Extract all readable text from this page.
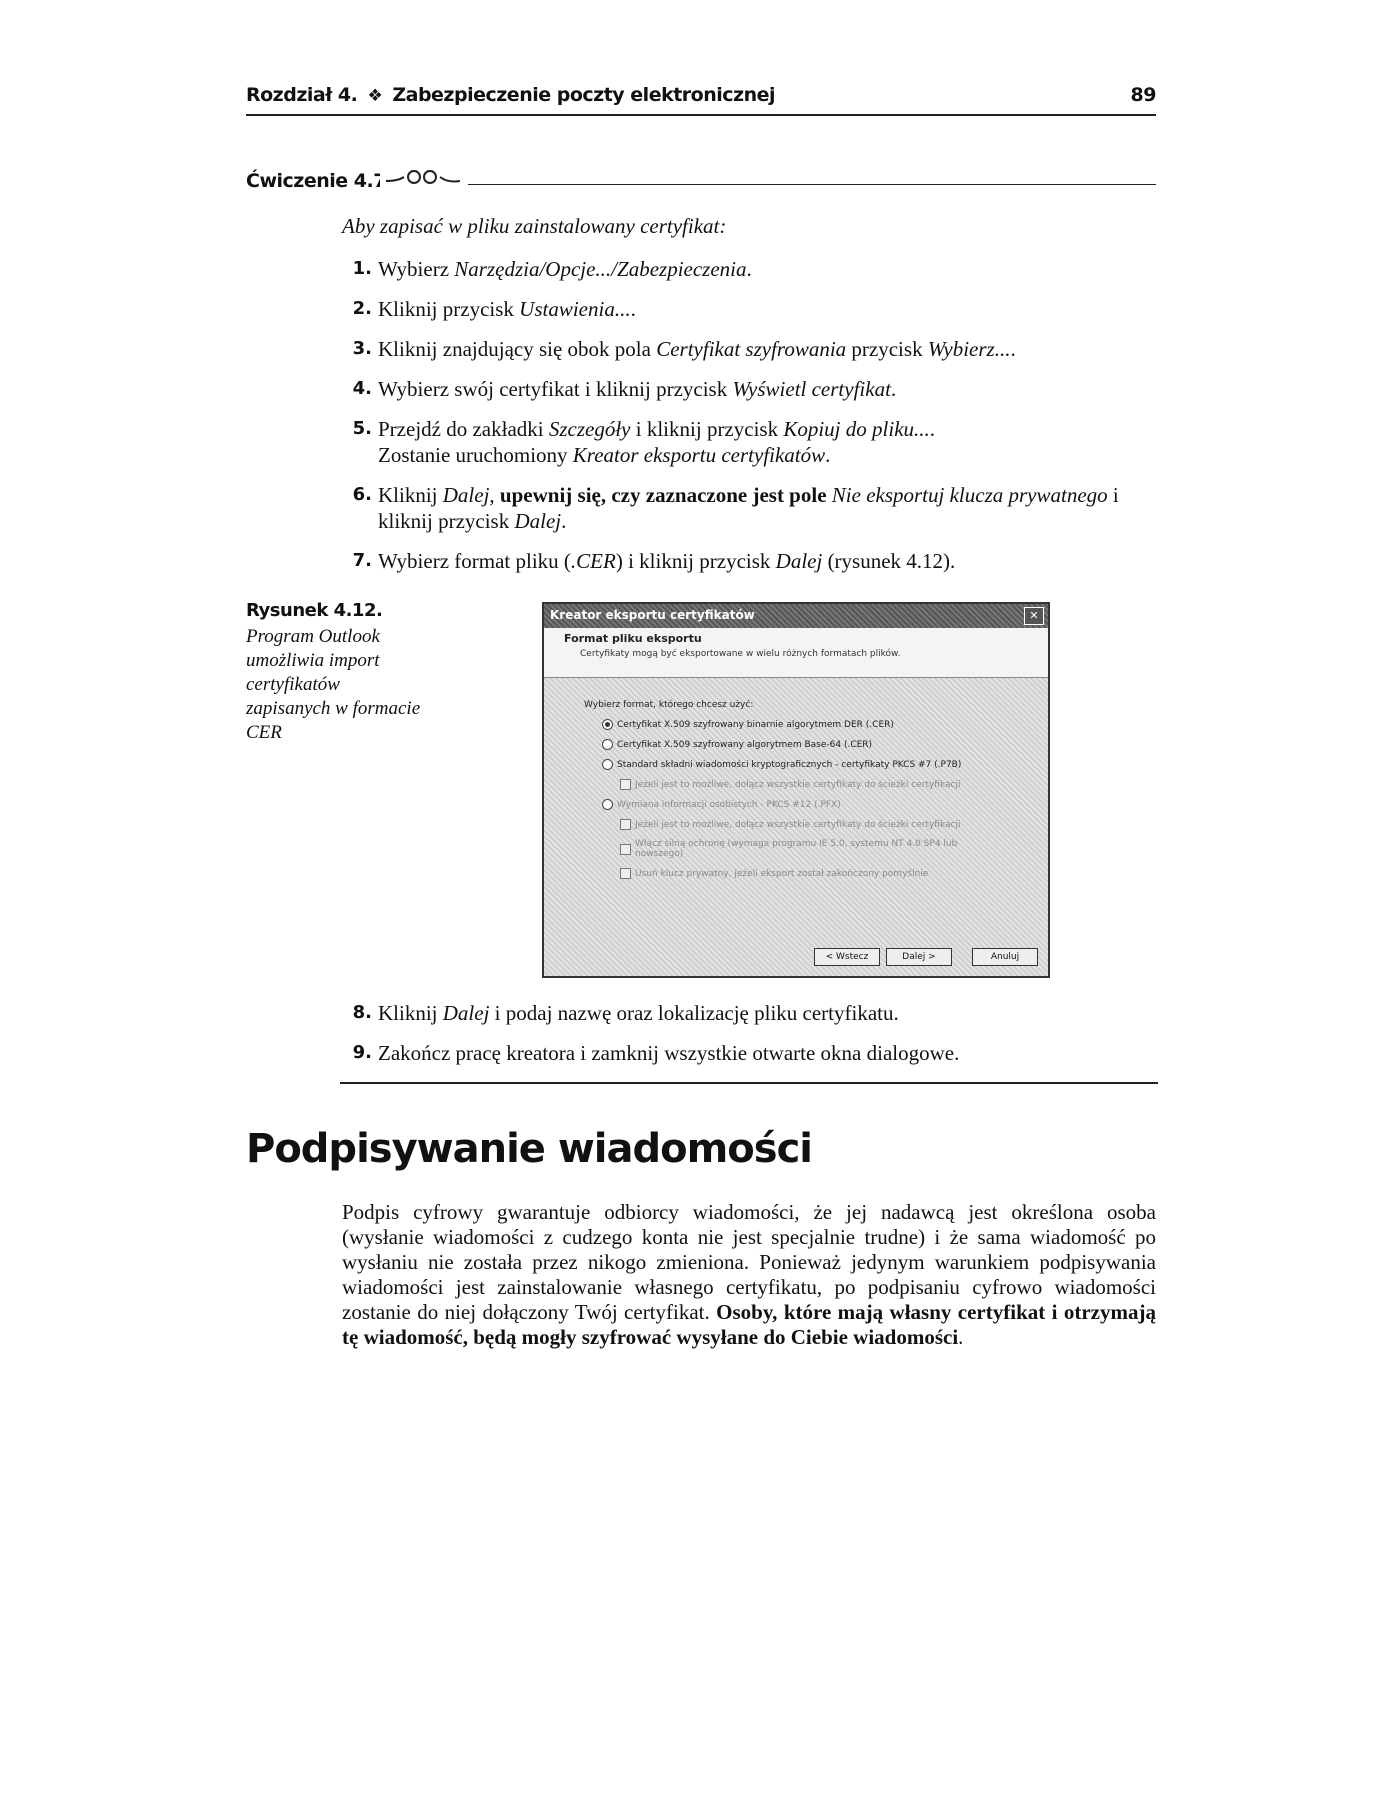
Rozdział 4. ❖ Zabezpieczenie poczty elektronicznej	89
Ćwiczenie 4.7.
Aby zapisać w pliku zainstalowany certyfikat:
1. Wybierz Narzędzia/Opcje.../Zabezpieczenia.
2. Kliknij przycisk Ustawienia....
3. Kliknij znajdujący się obok pola Certyfikat szyfrowania przycisk Wybierz....
4. Wybierz swój certyfikat i kliknij przycisk Wyświetl certyfikat.
5. Przejdź do zakładki Szczegóły i kliknij przycisk Kopiuj do pliku....
Zostanie uruchomiony Kreator eksportu certyfikatów.
6. Kliknij Dalej, upewnij się, czy zaznaczone jest pole Nie eksportuj klucza prywatnego i kliknij przycisk Dalej.
7. Wybierz format pliku (.CER) i kliknij przycisk Dalej (rysunek 4.12).
Rysunek 4.12.
Program Outlook umożliwia import certyfikatów zapisanych w formacie CER
Kreator eksportu certyfikatów	✕
Format pliku eksportu
Certyfikaty mogą być eksportowane w wielu różnych formatach plików.
Wybierz format, którego chcesz użyć:
Certyfikat X.509 szyfrowany binarnie algorytmem DER (.CER)
Certyfikat X.509 szyfrowany algorytmem Base-64 (.CER)
Standard składni wiadomości kryptograficznych - certyfikaty PKCS #7 (.P7B)
Jeżeli jest to możliwe, dołącz wszystkie certyfikaty do ścieżki certyfikacji
Wymiana informacji osobistych - PKCS #12 (.PFX)
Jeżeli jest to możliwe, dołącz wszystkie certyfikaty do ścieżki certyfikacji
Włącz silną ochronę (wymaga programu IE 5.0, systemu NT 4.0 SP4 lub nowszego)
Usuń klucz prywatny, jeżeli eksport został zakończony pomyślnie
< Wstecz	Dalej >	Anuluj
8. Kliknij Dalej i podaj nazwę oraz lokalizację pliku certyfikatu.
9. Zakończ pracę kreatora i zamknij wszystkie otwarte okna dialogowe.
Podpisywanie wiadomości
Podpis cyfrowy gwarantuje odbiorcy wiadomości, że jej nadawcą jest określona osoba (wysłanie wiadomości z cudzego konta nie jest specjalnie trudne) i że sama wiadomość po wysłaniu nie została przez nikogo zmieniona. Ponieważ jedynym warunkiem podpisywania wiadomości jest zainstalowanie własnego certyfikatu, po podpisaniu cyfrowo wiadomości zostanie do niej dołączony Twój certyfikat. Osoby, które mają własny certyfikat i otrzymają tę wiadomość, będą mogły szyfrować wysyłane do Ciebie wiadomości.
